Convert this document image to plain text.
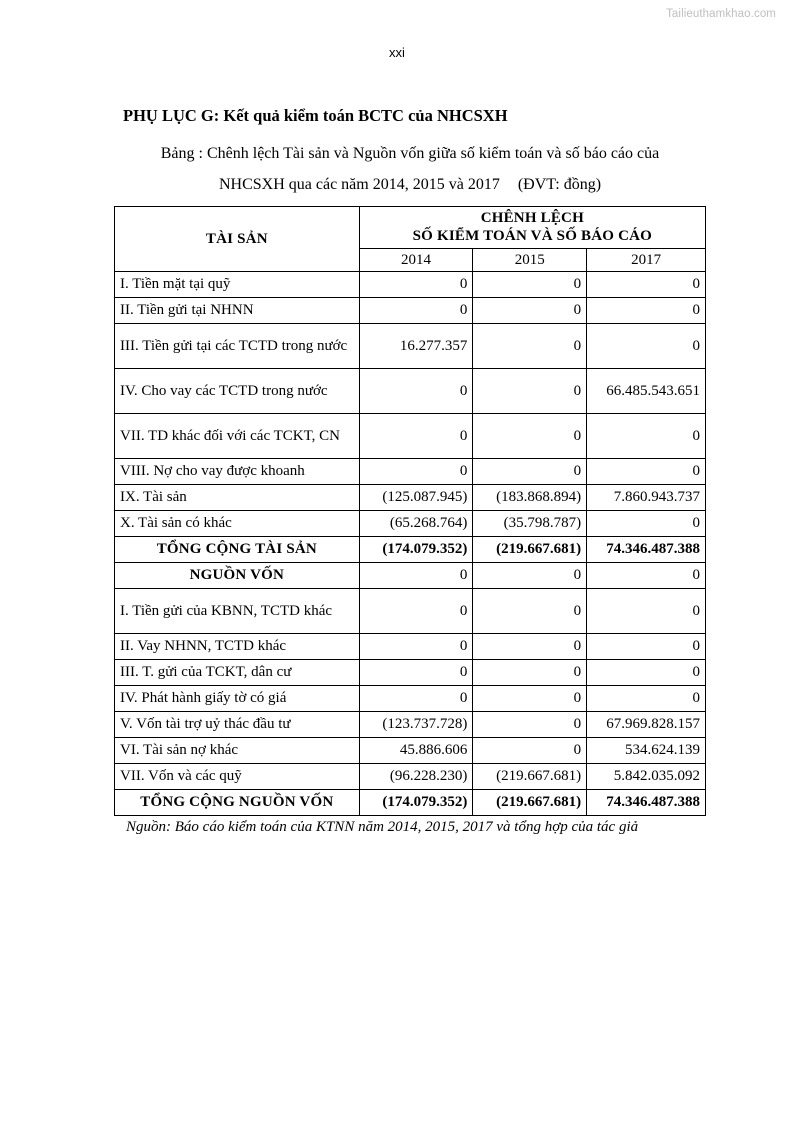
Tailieuthamkhao.com
xxi
PHỤ LỤC G: Kết quả kiểm toán BCTC của NHCSXH
Bảng : Chênh lệch Tài sản và Nguồn vốn giữa số kiểm toán và số báo cáo của
NHCSXH qua các năm 2014, 2015 và 2017 (ĐVT: đồng)
TÀI SẢN	CHÊNH LỆCH
SỐ KIỂM TOÁN VÀ SỐ BÁO CÁO		

	2014	2015	2017
I. Tiền mặt tại quỹ	0	0	0
II. Tiền gửi tại NHNN	0	0	0
III. Tiền gửi tại các TCTD trong nước	16.277.357	0	0
IV. Cho vay các TCTD trong nước	0	0	66.485.543.651
VII. TD khác đối với các TCKT, CN	0	0	0
VIII. Nợ cho vay được khoanh	0	0	0
IX. Tài sản	(125.087.945)	(183.868.894)	7.860.943.737
X. Tài sản có khác	(65.268.764)	(35.798.787)	0
TỔNG CỘNG TÀI SẢN	(174.079.352)	(219.667.681)	74.346.487.388
NGUỒN VỐN	0	0	0
I. Tiền gửi của KBNN, TCTD khác	0	0	0
II. Vay NHNN, TCTD khác	0	0	0
III. T. gửi của TCKT, dân cư	0	0	0
IV. Phát hành giấy tờ có giá	0	0	0
V. Vốn tài trợ uỷ thác đầu tư	(123.737.728)	0	67.969.828.157
VI. Tài sản nợ khác	45.886.606	0	534.624.139
VII. Vốn và các quỹ	(96.228.230)	(219.667.681)	5.842.035.092
TỔNG CỘNG NGUỒN VỐN	(174.079.352)	(219.667.681)	74.346.487.388
Nguồn: Báo cáo kiểm toán của KTNN năm 2014, 2015, 2017 và tổng hợp của tác giả
